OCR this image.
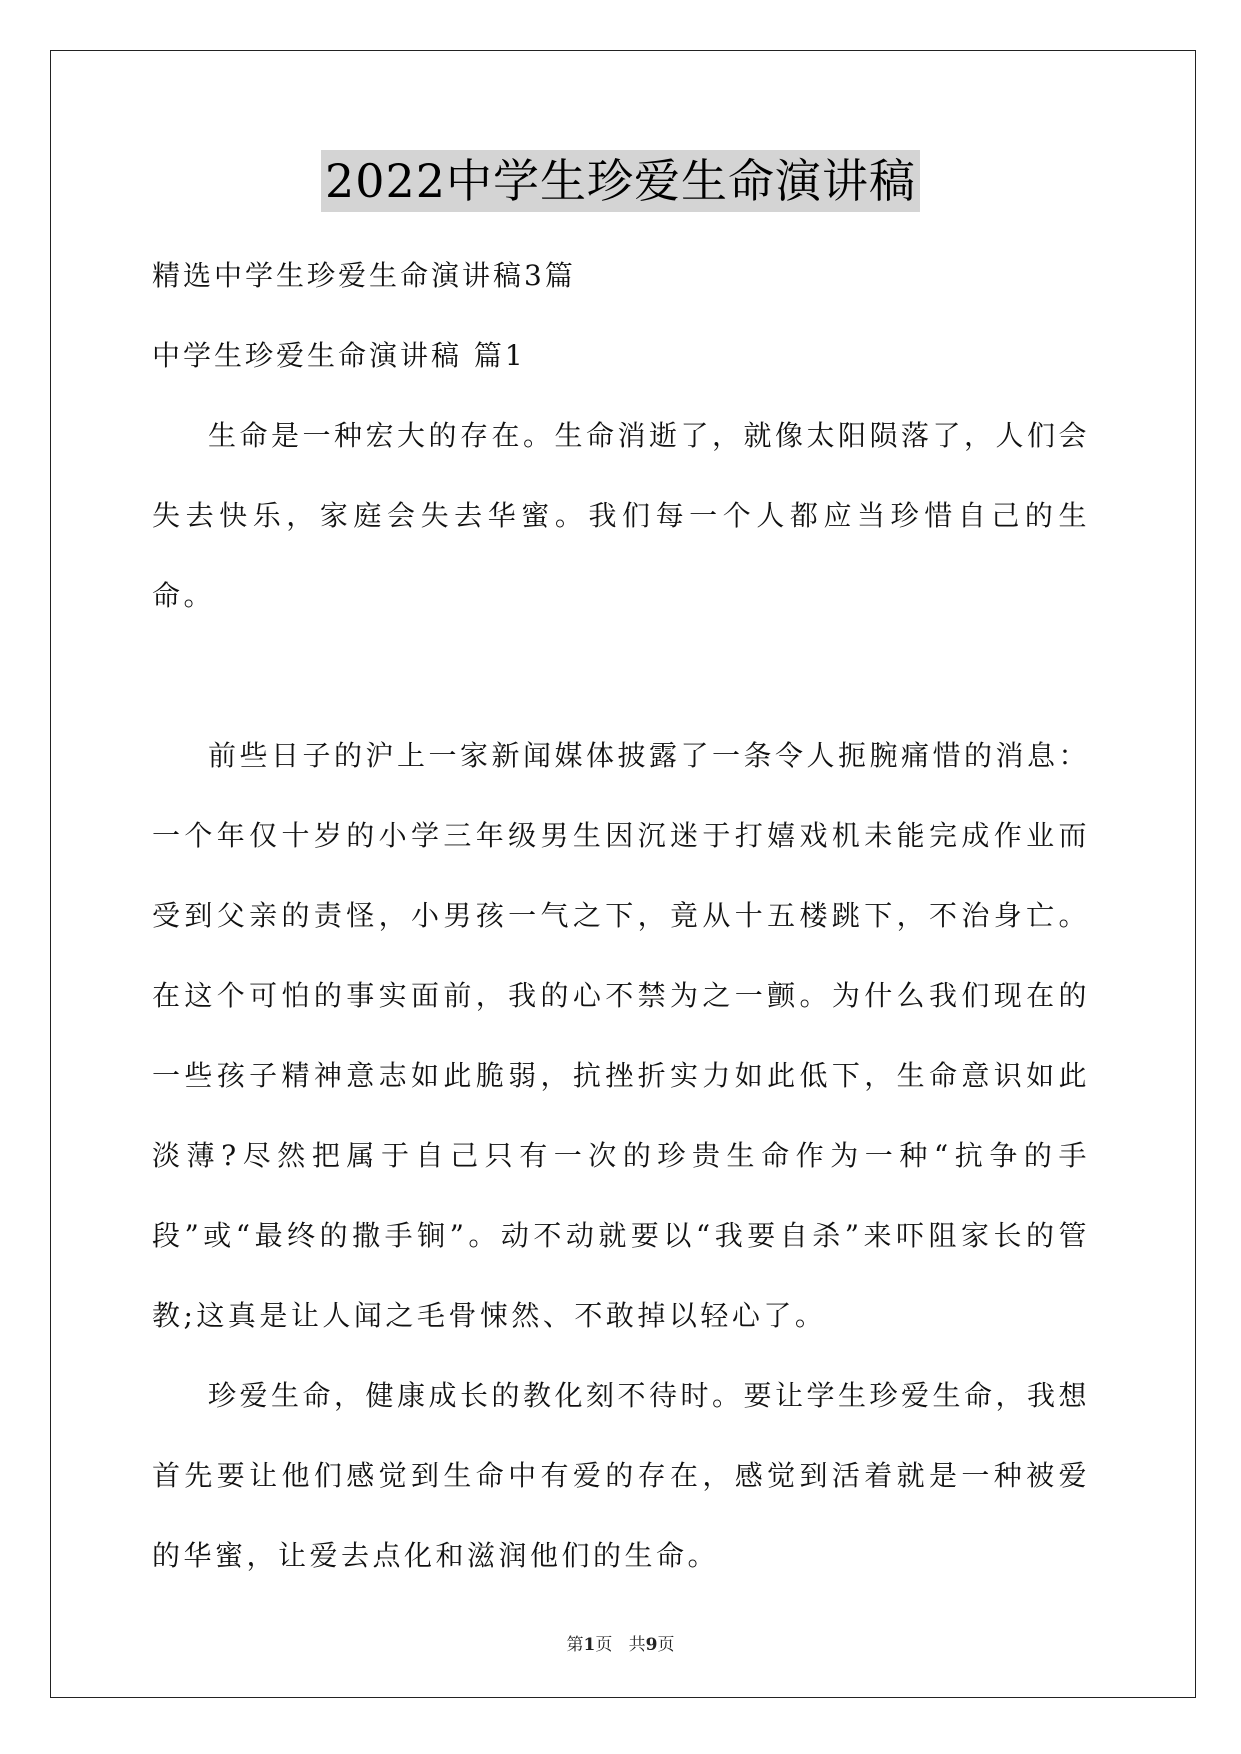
2022中学生珍爱生命演讲稿

精选中学生珍爱生命演讲稿3篇

中学生珍爱生命演讲稿 篇1

生命是一种宏大的存在。生命消逝了，就像太阳陨落了，人们会失去快乐，家庭会失去华蜜。我们每一个人都应当珍惜自己的生命。

前些日子的沪上一家新闻媒体披露了一条令人扼腕痛惜的消息：一个年仅十岁的小学三年级男生因沉迷于打嬉戏机未能完成作业而受到父亲的责怪，小男孩一气之下，竟从十五楼跳下，不治身亡。在这个可怕的事实面前，我的心不禁为之一颤。为什么我们现在的一些孩子精神意志如此脆弱，抗挫折实力如此低下，生命意识如此淡薄?尽然把属于自己只有一次的珍贵生命作为一种“抗争的手段”或“最终的撒手锏”。动不动就要以“我要自杀”来吓阻家长的管教;这真是让人闻之毛骨悚然、不敢掉以轻心了。

珍爱生命，健康成长的教化刻不待时。要让学生珍爱生命，我想首先要让他们感觉到生命中有爱的存在，感觉到活着就是一种被爱的华蜜，让爱去点化和滋润他们的生命。

第1页 共9页
